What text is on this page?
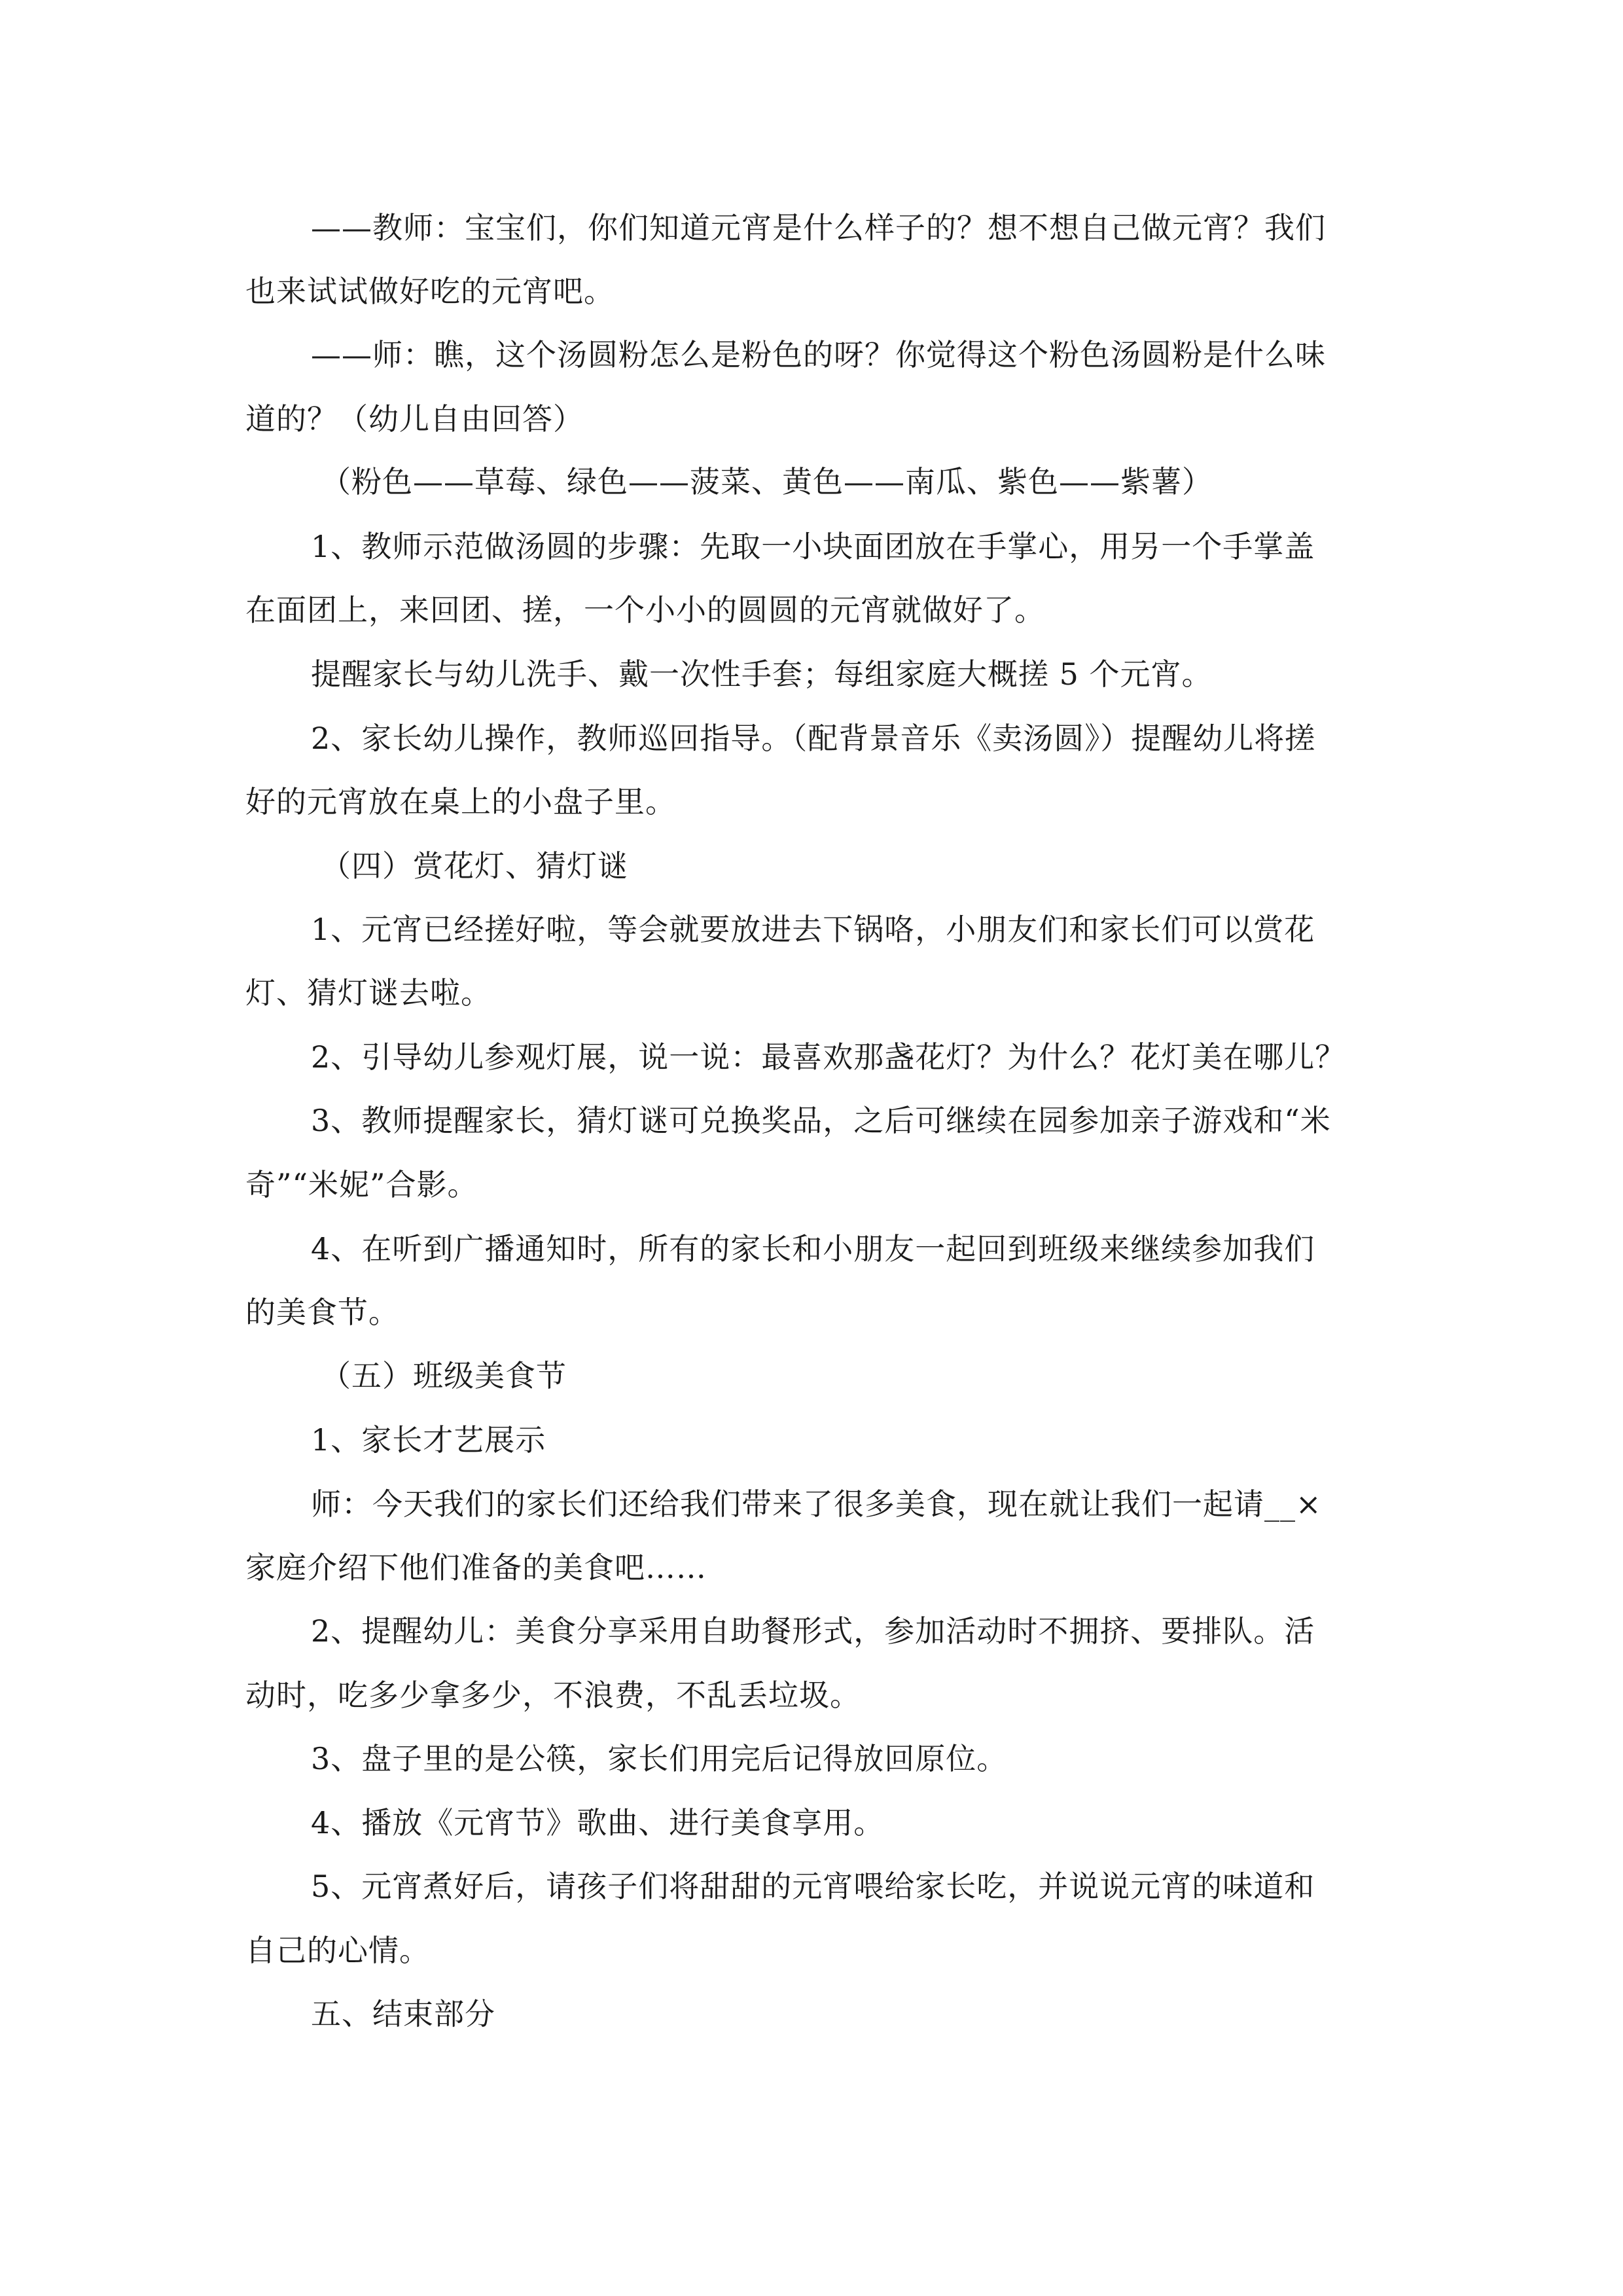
——教师：宝宝们，你们知道元宵是什么样子的？想不想自己做元宵？我们
也来试试做好吃的元宵吧。
——师：瞧，这个汤圆粉怎么是粉色的呀？你觉得这个粉色汤圆粉是什么味
道的？（幼儿自由回答）
（粉色——草莓、绿色——菠菜、黄色——南瓜、紫色——紫薯）
1、教师示范做汤圆的步骤：先取一小块面团放在手掌心，用另一个手掌盖
在面团上，来回团、搓，一个小小的圆圆的元宵就做好了。
提醒家长与幼儿洗手、戴一次性手套；每组家庭大概搓 5 个元宵。
2、家长幼儿操作，教师巡回指导。（配背景音乐《卖汤圆》）提醒幼儿将搓
好的元宵放在桌上的小盘子里。
（四）赏花灯、猜灯谜
1、元宵已经搓好啦，等会就要放进去下锅咯，小朋友们和家长们可以赏花
灯、猜灯谜去啦。
2、引导幼儿参观灯展，说一说：最喜欢那盏花灯？为什么？花灯美在哪儿？
3、教师提醒家长，猜灯谜可兑换奖品，之后可继续在园参加亲子游戏和“米
奇”“米妮”合影。
4、在听到广播通知时，所有的家长和小朋友一起回到班级来继续参加我们
的美食节。
（五）班级美食节
1、家长才艺展示
师：今天我们的家长们还给我们带来了很多美食，现在就让我们一起请__×
家庭介绍下他们准备的美食吧……
2、提醒幼儿：美食分享采用自助餐形式，参加活动时不拥挤、要排队。活
动时，吃多少拿多少，不浪费，不乱丢垃圾。
3、盘子里的是公筷，家长们用完后记得放回原位。
4、播放《元宵节》歌曲、进行美食享用。
5、元宵煮好后，请孩子们将甜甜的元宵喂给家长吃，并说说元宵的味道和
自己的心情。
五、结束部分
